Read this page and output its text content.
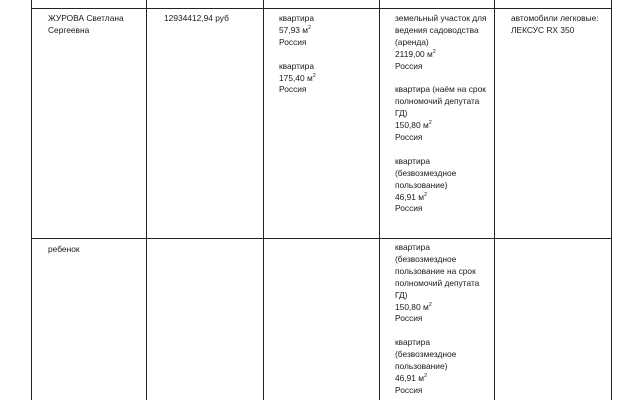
ЖУРОВА Светлана
Сергеевна
12934412,94 руб	квартира
57,93 $м^2$
Россия
квартира
175,40 $м^2$
Россия
земельный участок для
ведения садоводства
(аренда)
2119,00 $м^2$
Россия
квартира (наём на срок
полномочий депутата
ГД)
150,80 $м^2$
Россия
квартира
(безвозмездное
пользование)
46,91 $м^2$
Россия
автомобили легковые:
ЛЕКСУС RX 350
ребенок	квартира
(безвозмездное
пользование на срок
полномочий депутата
ГД)
150,80 $м^2$
Россия
квартира
(безвозмездное
пользование)
46,91 $м^2$
Россия
